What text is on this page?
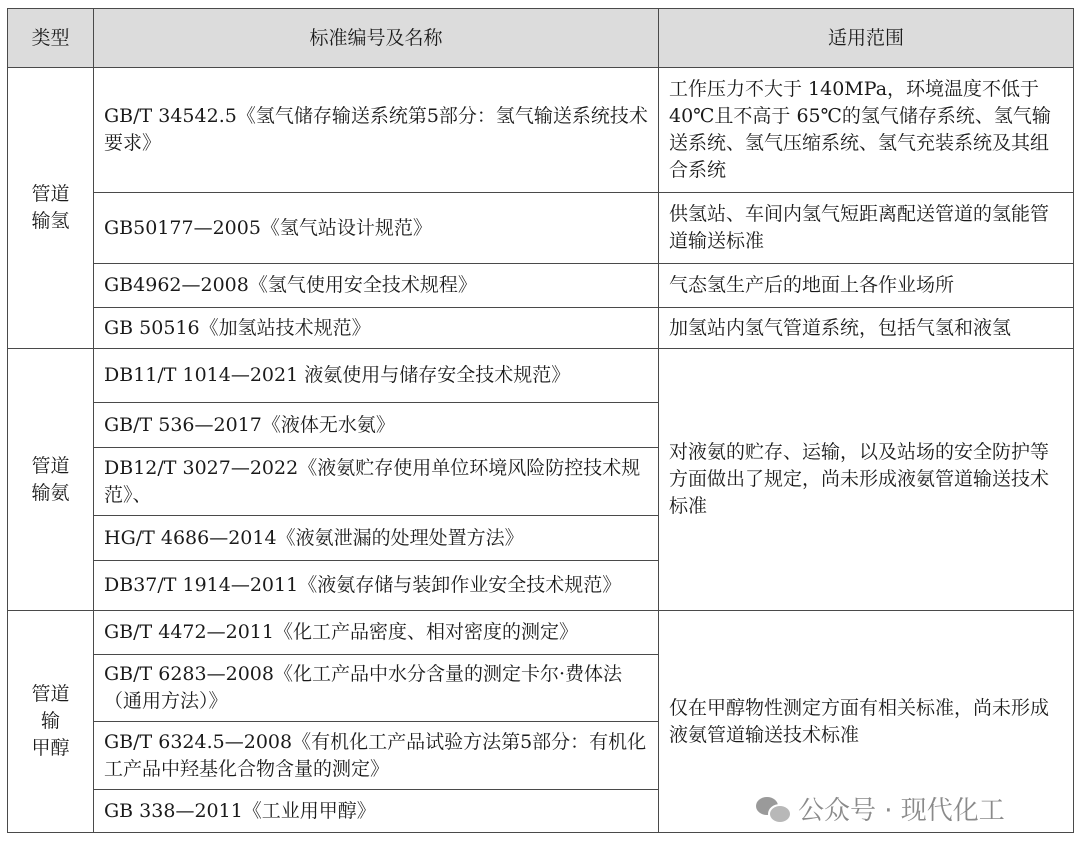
类型	标准编号及名称	适用范围
管道
输氢	GB/T 34542.5《氢气储存输送系统第5部分：氢气输送系统技术要求》	工作压力不大于 140MPa，环境温度不低于 40℃且不高于 65℃的氢气储存系统、氢气输送系统、氢气压缩系统、氢气充装系统及其组合系统
	GB50177—2005《氢气站设计规范》	供氢站、车间内氢气短距离配送管道的氢能管道输送标准
	GB4962—2008《氢气使用安全技术规程》	气态氢生产后的地面上各作业场所
	GB 50516《加氢站技术规范》	加氢站内氢气管道系统，包括气氢和液氢
管道
输氨	DB11/T 1014—2021 液氨使用与储存安全技术规范》	对液氨的贮存、运输，以及站场的安全防护等方面做出了规定，尚未形成液氨管道输送技术标准
	GB/T 536—2017《液体无水氨》	
	DB12/T 3027—2022《液氨贮存使用单位环境风险防控技术规范》、	
	HG/T 4686—2014《液氨泄漏的处理处置方法》	
	DB37/T 1914—2011《液氨存储与装卸作业安全技术规范》	
管道
输
甲醇	GB/T 4472—2011《化工产品密度、相对密度的测定》	仅在甲醇物性测定方面有相关标准，尚未形成液氨管道输送技术标准
	GB/T 6283—2008《化工产品中水分含量的测定卡尔·费体法（通用方法）》	
	GB/T 6324.5—2008《有机化工产品试验方法第5部分：有机化工产品中羟基化合物含量的测定》	
	GB 338—2011《工业用甲醇》		公众号 · 现代化工
